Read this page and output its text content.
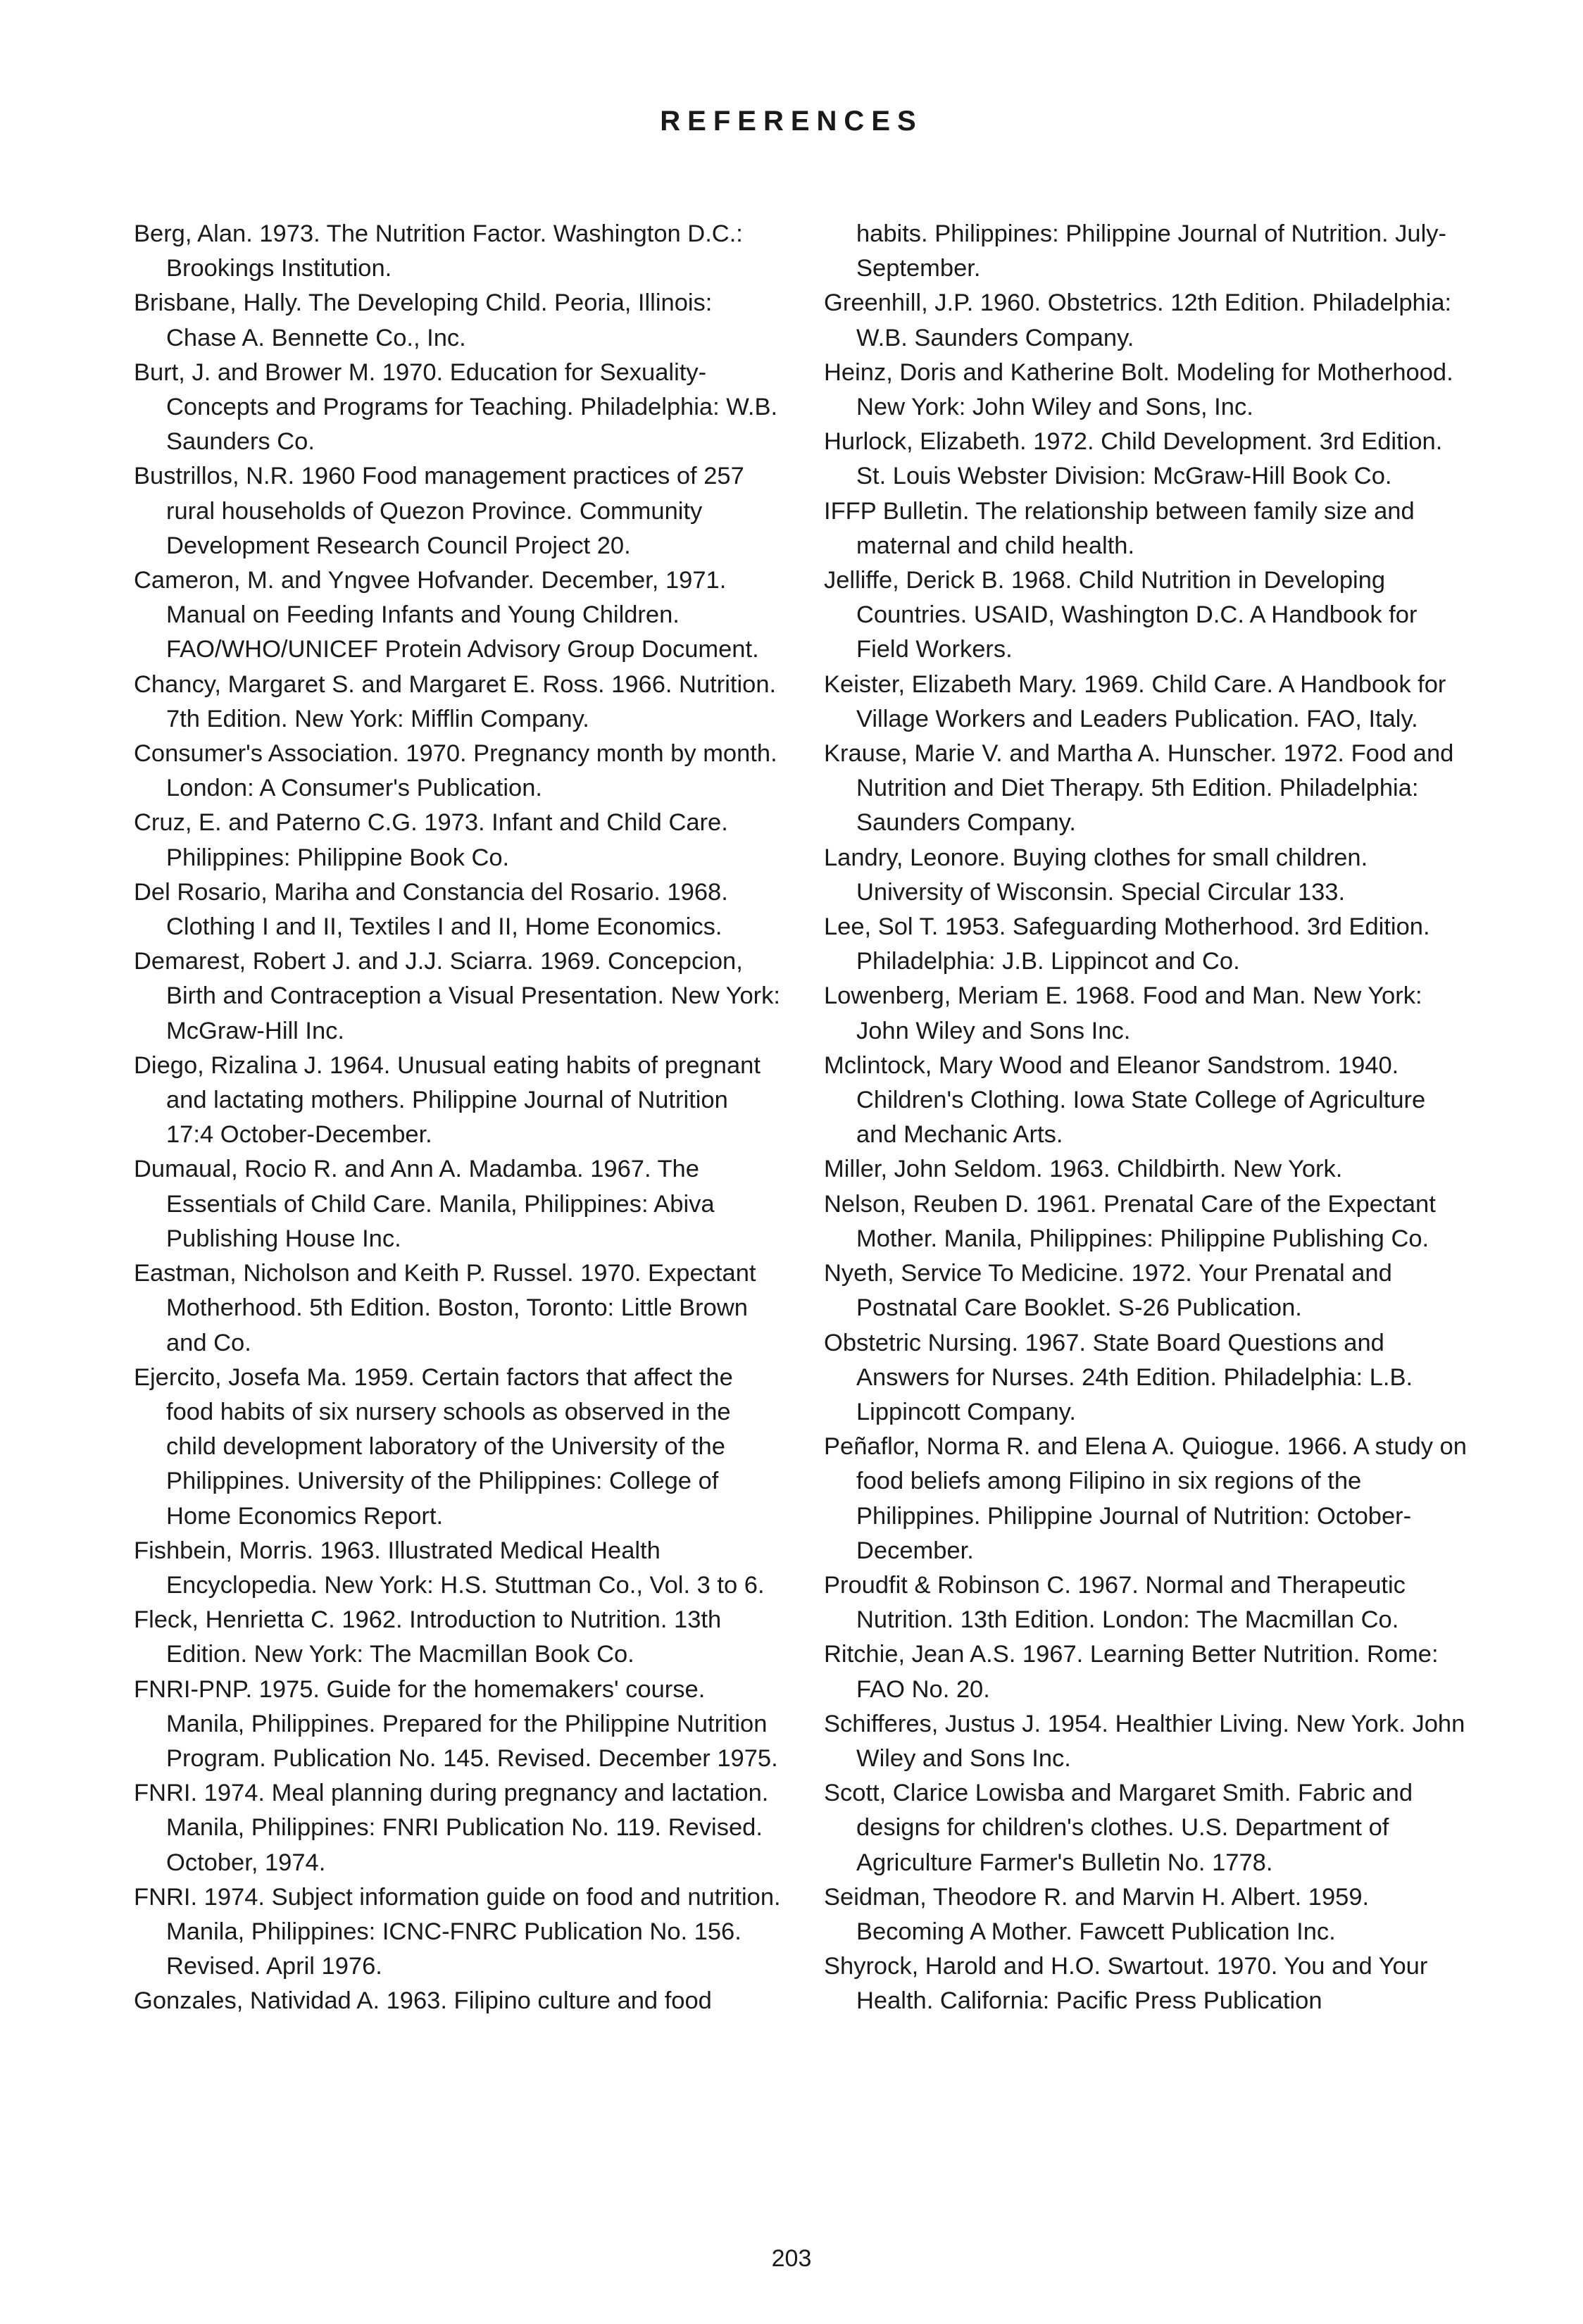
REFERENCES

Berg, Alan. 1973. The Nutrition Factor. Washington D.C.: Brookings Institution.

Brisbane, Hally. The Developing Child. Peoria, Illinois: Chase A. Bennette Co., Inc.

Burt, J. and Brower M. 1970. Education for Sexuality-Concepts and Programs for Teaching. Philadelphia: W.B. Saunders Co.

Bustrillos, N.R. 1960 Food management practices of 257 rural households of Quezon Province. Community Development Research Council Project 20.

Cameron, M. and Yngvee Hofvander. December, 1971. Manual on Feeding Infants and Young Children. FAO/WHO/UNICEF Protein Advisory Group Document.

Chancy, Margaret S. and Margaret E. Ross. 1966. Nutrition. 7th Edition. New York: Mifflin Company.

Consumer's Association. 1970. Pregnancy month by month. London: A Consumer's Publication.

Cruz, E. and Paterno C.G. 1973. Infant and Child Care. Philippines: Philippine Book Co.

Del Rosario, Mariha and Constancia del Rosario. 1968. Clothing I and II, Textiles I and II, Home Economics.

Demarest, Robert J. and J.J. Sciarra. 1969. Concepcion, Birth and Contraception a Visual Presentation. New York: McGraw-Hill Inc.

Diego, Rizalina J. 1964. Unusual eating habits of pregnant and lactating mothers. Philippine Journal of Nutrition 17:4 October-December.

Dumaual, Rocio R. and Ann A. Madamba. 1967. The Essentials of Child Care. Manila, Philippines: Abiva Publishing House Inc.

Eastman, Nicholson and Keith P. Russel. 1970. Expectant Motherhood. 5th Edition. Boston, Toronto: Little Brown and Co.

Ejercito, Josefa Ma. 1959. Certain factors that affect the food habits of six nursery schools as observed in the child development laboratory of the University of the Philippines. University of the Philippines: College of Home Economics Report.

Fishbein, Morris. 1963. Illustrated Medical Health Encyclopedia. New York: H.S. Stuttman Co., Vol. 3 to 6.

Fleck, Henrietta C. 1962. Introduction to Nutrition. 13th Edition. New York: The Macmillan Book Co.

FNRI-PNP. 1975. Guide for the homemakers' course. Manila, Philippines. Prepared for the Philippine Nutrition Program. Publication No. 145. Revised. December 1975.

FNRI. 1974. Meal planning during pregnancy and lactation. Manila, Philippines: FNRI Publication No. 119. Revised. October, 1974.

FNRI. 1974. Subject information guide on food and nutrition. Manila, Philippines: ICNC-FNRC Publication No. 156. Revised. April 1976.

Gonzales, Natividad A. 1963. Filipino culture and food

habits. Philippines: Philippine Journal of Nutrition. July-September.

Greenhill, J.P. 1960. Obstetrics. 12th Edition. Philadelphia: W.B. Saunders Company.

Heinz, Doris and Katherine Bolt. Modeling for Motherhood. New York: John Wiley and Sons, Inc.

Hurlock, Elizabeth. 1972. Child Development. 3rd Edition. St. Louis Webster Division: McGraw-Hill Book Co.

IFFP Bulletin. The relationship between family size and maternal and child health.

Jelliffe, Derick B. 1968. Child Nutrition in Developing Countries. USAID, Washington D.C. A Handbook for Field Workers.

Keister, Elizabeth Mary. 1969. Child Care. A Handbook for Village Workers and Leaders Publication. FAO, Italy.

Krause, Marie V. and Martha A. Hunscher. 1972. Food and Nutrition and Diet Therapy. 5th Edition. Philadelphia: Saunders Company.

Landry, Leonore. Buying clothes for small children. University of Wisconsin. Special Circular 133.

Lee, Sol T. 1953. Safeguarding Motherhood. 3rd Edition. Philadelphia: J.B. Lippincot and Co.

Lowenberg, Meriam E. 1968. Food and Man. New York: John Wiley and Sons Inc.

Mclintock, Mary Wood and Eleanor Sandstrom. 1940. Children's Clothing. Iowa State College of Agriculture and Mechanic Arts.

Miller, John Seldom. 1963. Childbirth. New York.

Nelson, Reuben D. 1961. Prenatal Care of the Expectant Mother. Manila, Philippines: Philippine Publishing Co.

Nyeth, Service To Medicine. 1972. Your Prenatal and Postnatal Care Booklet. S-26 Publication.

Obstetric Nursing. 1967. State Board Questions and Answers for Nurses. 24th Edition. Philadelphia: L.B. Lippincott Company.

Peñaflor, Norma R. and Elena A. Quiogue. 1966. A study on food beliefs among Filipino in six regions of the Philippines. Philippine Journal of Nutrition: October-December.

Proudfit & Robinson C. 1967. Normal and Therapeutic Nutrition. 13th Edition. London: The Macmillan Co.

Ritchie, Jean A.S. 1967. Learning Better Nutrition. Rome: FAO No. 20.

Schifferes, Justus J. 1954. Healthier Living. New York. John Wiley and Sons Inc.

Scott, Clarice Lowisba and Margaret Smith. Fabric and designs for children's clothes. U.S. Department of Agriculture Farmer's Bulletin No. 1778.

Seidman, Theodore R. and Marvin H. Albert. 1959. Becoming A Mother. Fawcett Publication Inc.

Shyrock, Harold and H.O. Swartout. 1970. You and Your Health. California: Pacific Press Publication

203
